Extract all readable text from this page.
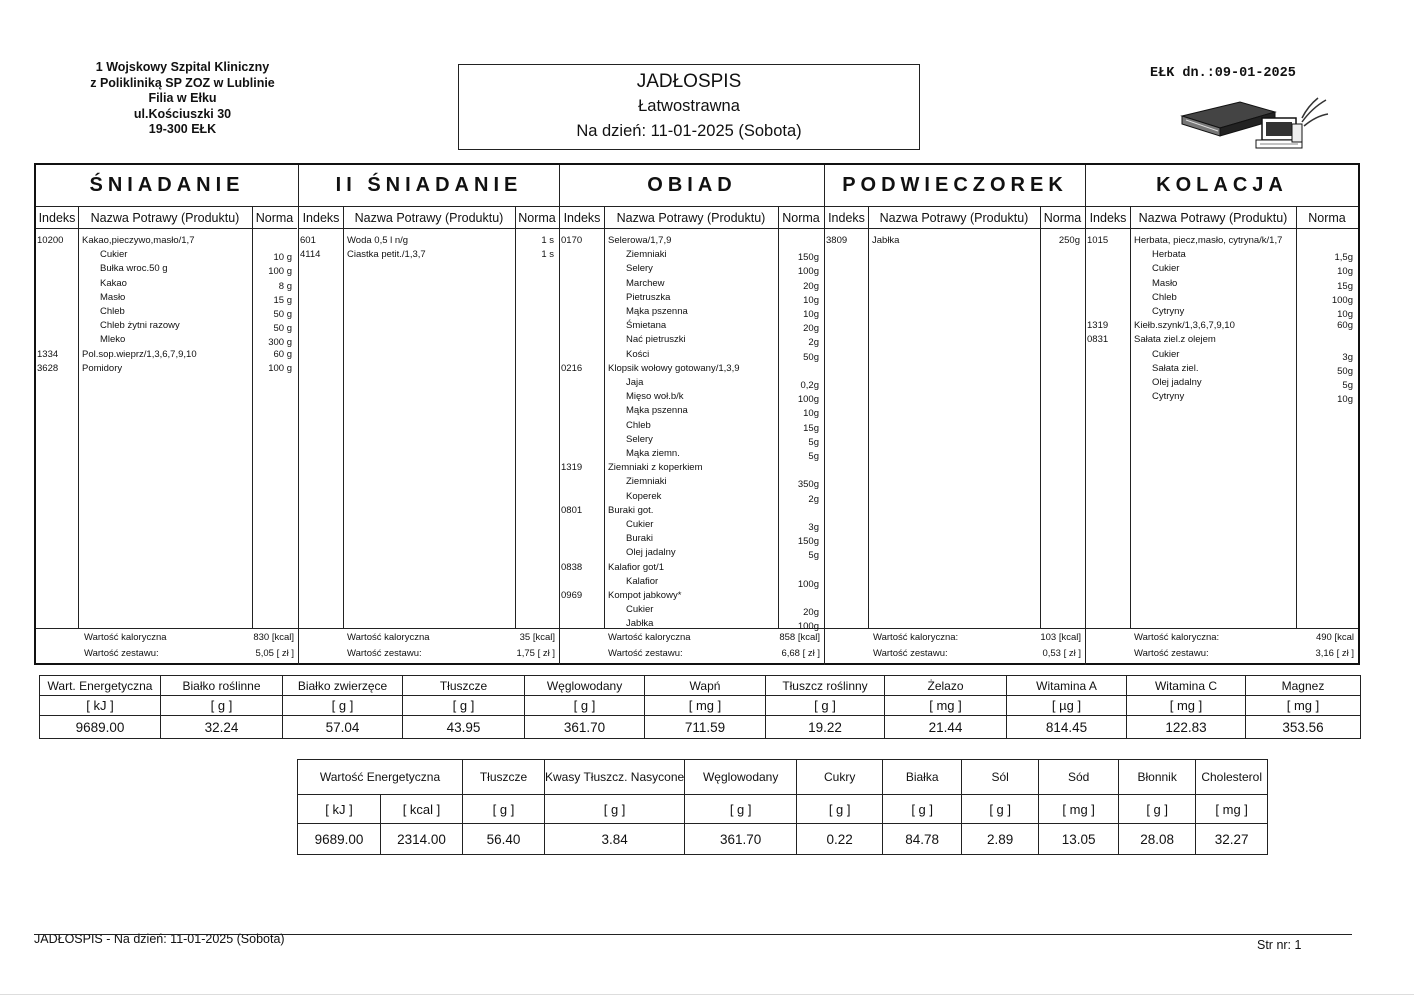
1 Wojskowy Szpital Kliniczny
z Polikliniką SP ZOZ w Lublinie
Filia w Ełku
ul.Kościuszki 30
19-300 EŁK
JADŁOSPIS
Łatwostrawna
Na dzień: 11-01-2025 (Sobota)
EŁK dn.:09-01-2025
ŚNIADANIE
Indeks	Nazwa Potrawy (Produktu)	Norma
10200 Kakao,pieczywo,masło/1,7
Cukier	10 g
Bułka wroc.50 g	100 g
Kakao	8 g
Masło	15 g
Chleb	50 g
Chleb żytni razowy	50 g
Mleko	300 g
1334	Pol.sop.wieprz/1,3,6,7,9,10	60 g
3628	Pomidory	100 g
Wartość kaloryczna	830 [kcal]
Wartość zestawu:	5,05 [ zł ]
II ŚNIADANIE
Indeks	Nazwa Potrawy (Produktu)	Norma
601	Woda 0,5 l n/g	1 s
4114	Ciastka petit./1,3,7	1 s
Wartość kaloryczna	35 [kcal]
Wartość zestawu:	1,75 [ zł ]
OBIAD
Indeks	Nazwa Potrawy (Produktu)	Norma
0170	Selerowa/1,7,9
Ziemniaki	150g
Selery	100g
Marchew	20g
Pietruszka	10g
Mąka pszenna	10g
Śmietana	20g
Nać pietruszki	2g
Kości	50g
0216	Klopsik wołowy gotowany/1,3,9
Jaja	0,2g
Mięso woł.b/k	100g
Mąka pszenna	10g
Chleb	15g
Selery	5g
Mąka ziemn.	5g
1319	Ziemniaki z koperkiem
Ziemniaki	350g
Koperek	2g
0801	Buraki got.
Cukier	3g
Buraki	150g
Olej jadalny	5g
0838	Kalafior got/1
Kalafior	100g
0969	Kompot jabkowy*
Cukier	20g
Jabłka	100g
Wartość kaloryczna	858 [kcal]
Wartość zestawu:	6,68 [ zł ]
PODWIECZOREK
Indeks	Nazwa Potrawy (Produktu)	Norma
3809	Jabłka	250g
Wartość kaloryczna:	103 [kcal]
Wartość zestawu:	0,53 [ zł ]
KOLACJA
Indeks Nazwa Potrawy (Produktu)	Norma
1015	Herbata, piecz,masło, cytryna/k/1,7
Herbata	1,5g
Cukier	10g
Masło	15g
Chleb	100g
Cytryny	10g
1319	Kiełb.szynk/1,3,6,7,9,10	60g
0831	Sałata ziel.z olejem
Cukier	3g
Sałata ziel.	50g
Olej jadalny	5g
Cytryny	10g
Wartość kaloryczna:	490 [kcal
Wartość zestawu:	3,16 [ zł ]
Wart. Energetyczna	Białko roślinne	Białko zwierzęce	Tłuszcze	Węglowodany	Wapń	Tłuszcz roślinny	Żelazo	Witamina A	Witamina C	Magnez
[ kJ ]	[ g ]	[ g ]	[ g ]	[ g ]	[ mg ]	[ g ]	[ mg ]	[ µg ]	[ mg ]	[ mg ]
9689.00	32.24	57.04	43.95	361.70	711.59	19.22	21.44	814.45	122.83	353.56
Wartość Energetyczna		Tłuszcze	Kwasy Tłuszcz. Nasycone	Węglowodany	Cukry	Białka	Sól	Sód	Błonnik	Cholesterol
[ kJ ]	[ kcal ]	[ g ]	[ g ]	[ g ]	[ g ]	[ g ]	[ g ]	[ mg ]	[ g ]	[ mg ]
9689.00	2314.00	56.40	3.84	361.70	0.22	84.78	2.89	13.05	28.08	32.27
JADŁOSPIS - Na dzień: 11-01-2025 (Sobota)	Str nr: 1
